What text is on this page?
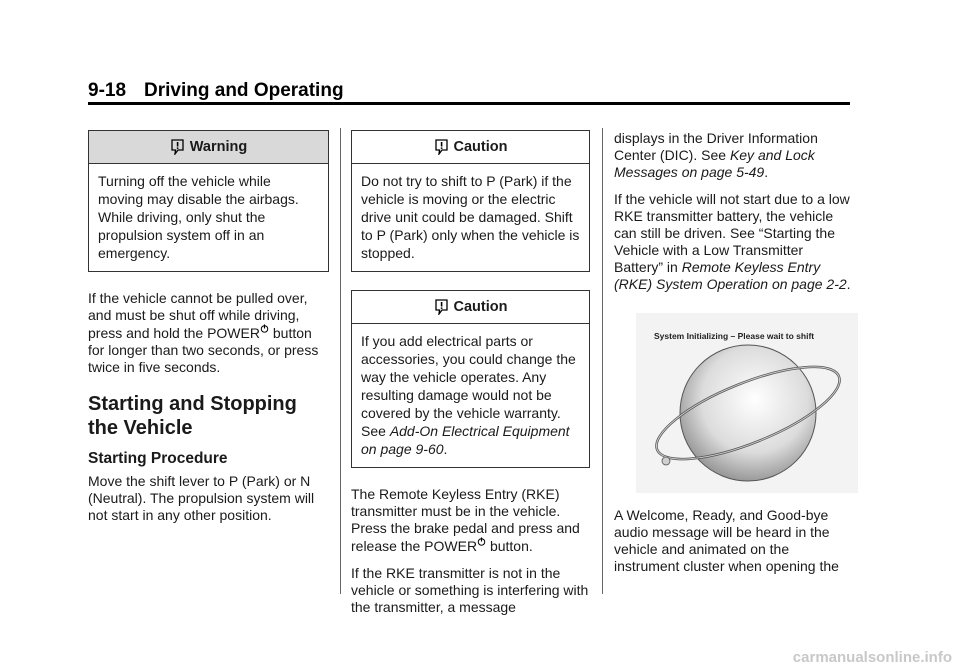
9-18 Driving and Operating
Warning
Turning off the vehicle while moving may disable the airbags. While driving, only shut the propulsion system off in an emergency.

If the vehicle cannot be pulled over, and must be shut off while driving, press and hold the POWER button for longer than two seconds, or press twice in five seconds.

Starting and Stopping the Vehicle
Starting Procedure

Move the shift lever to P (Park) or N (Neutral). The propulsion system will not start in any other position.

Caution
Do not try to shift to P (Park) if the vehicle is moving or the electric drive unit could be damaged. Shift to P (Park) only when the vehicle is stopped.
Caution
If you add electrical parts or accessories, you could change the way the vehicle operates. Any resulting damage would not be covered by the vehicle warranty. See Add-On Electrical Equipment on page 9-60.

The Remote Keyless Entry (RKE) transmitter must be in the vehicle. Press the brake pedal and press and release the POWER button.

If the RKE transmitter is not in the vehicle or something is interfering with the transmitter, a message

displays in the Driver Information Center (DIC). See Key and Lock Messages on page 5-49.

If the vehicle will not start due to a low RKE transmitter battery, the vehicle can still be driven. See “Starting the Vehicle with a Low Transmitter Battery” in Remote Keyless Entry (RKE) System Operation on page 2-2.

System Initializing – Please wait to shift

A Welcome, Ready, and Good-bye audio message will be heard in the vehicle and animated on the instrument cluster when opening the

carmanualsonline.info
